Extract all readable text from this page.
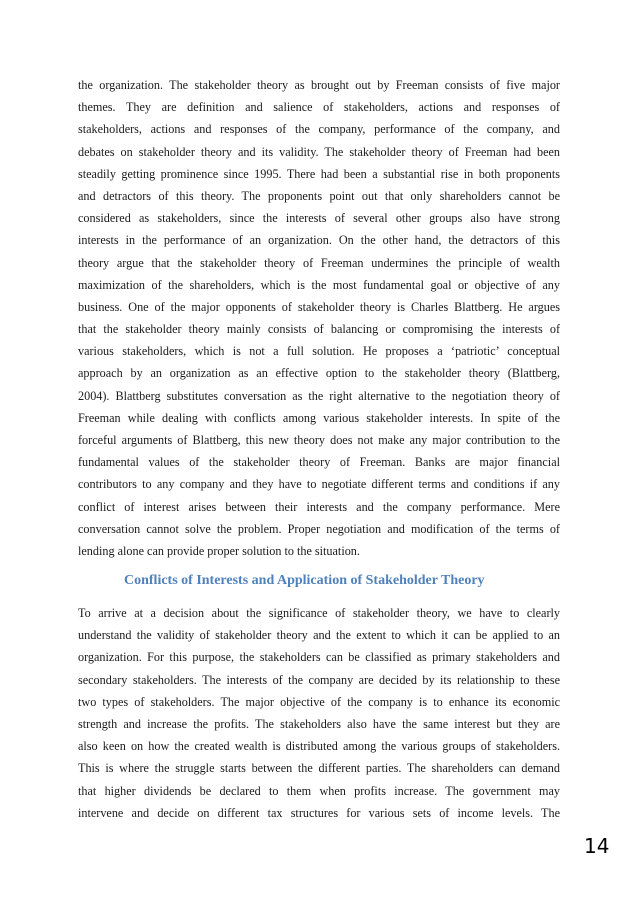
the organization. The stakeholder theory as brought out by Freeman consists of five major
themes. They are definition and salience of stakeholders, actions and responses of
stakeholders, actions and responses of the company, performance of the company, and
debates on stakeholder theory and its validity. The stakeholder theory of Freeman had been
steadily getting prominence since 1995. There had been a substantial rise in both proponents
and detractors of this theory. The proponents point out that only shareholders cannot be
considered as stakeholders, since the interests of several other groups also have strong
interests in the performance of an organization. On the other hand, the detractors of this
theory argue that the stakeholder theory of Freeman undermines the principle of wealth
maximization of the shareholders, which is the most fundamental goal or objective of any
business. One of the major opponents of stakeholder theory is Charles Blattberg. He argues
that the stakeholder theory mainly consists of balancing or compromising the interests of
various stakeholders, which is not a full solution. He proposes a ‘patriotic’ conceptual
approach by an organization as an effective option to the stakeholder theory (Blattberg,
2004). Blattberg substitutes conversation as the right alternative to the negotiation theory of
Freeman while dealing with conflicts among various stakeholder interests. In spite of the
forceful arguments of Blattberg, this new theory does not make any major contribution to the
fundamental values of the stakeholder theory of Freeman. Banks are major financial
contributors to any company and they have to negotiate different terms and conditions if any
conflict of interest arises between their interests and the company performance. Mere
conversation cannot solve the problem. Proper negotiation and modification of the terms of
lending alone can provide proper solution to the situation.
Conflicts of Interests and Application of Stakeholder Theory
To arrive at a decision about the significance of stakeholder theory, we have to clearly
understand the validity of stakeholder theory and the extent to which it can be applied to an
organization. For this purpose, the stakeholders can be classified as primary stakeholders and
secondary stakeholders. The interests of the company are decided by its relationship to these
two types of stakeholders. The major objective of the company is to enhance its economic
strength and increase the profits. The stakeholders also have the same interest but they are
also keen on how the created wealth is distributed among the various groups of stakeholders.
This is where the struggle starts between the different parties. The shareholders can demand
that higher dividends be declared to them when profits increase. The government may
intervene and decide on different tax structures for various sets of income levels. The
14
